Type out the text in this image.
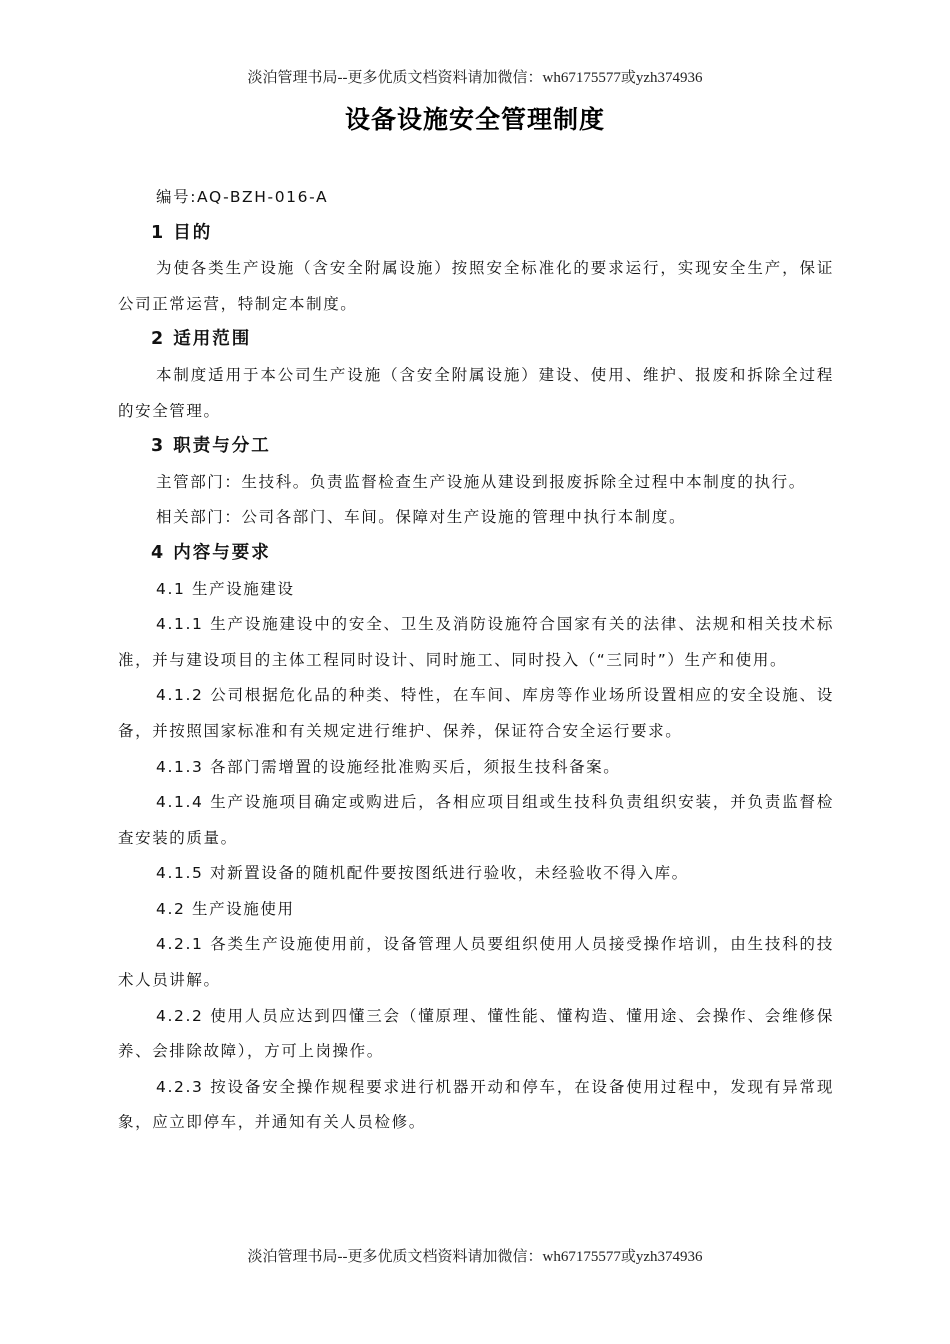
淡泊管理书局--更多优质文档资料请加微信：wh67175577或yzh374936

设备设施安全管理制度

编号:AQ-BZH-016-A

1 目的

为使各类生产设施（含安全附属设施）按照安全标准化的要求运行，实现安全生产，保证公司正常运营，特制定本制度。

2 适用范围

本制度适用于本公司生产设施（含安全附属设施）建设、使用、维护、报废和拆除全过程的安全管理。

3 职责与分工

主管部门：生技科。负责监督检查生产设施从建设到报废拆除全过程中本制度的执行。

相关部门：公司各部门、车间。保障对生产设施的管理中执行本制度。

4 内容与要求

4.1 生产设施建设

4.1.1 生产设施建设中的安全、卫生及消防设施符合国家有关的法律、法规和相关技术标准，并与建设项目的主体工程同时设计、同时施工、同时投入（“三同时”）生产和使用。

4.1.2 公司根据危化品的种类、特性，在车间、库房等作业场所设置相应的安全设施、设备，并按照国家标准和有关规定进行维护、保养，保证符合安全运行要求。

4.1.3 各部门需增置的设施经批准购买后，须报生技科备案。

4.1.4 生产设施项目确定或购进后，各相应项目组或生技科负责组织安装，并负责监督检查安装的质量。

4.1.5 对新置设备的随机配件要按图纸进行验收，未经验收不得入库。

4.2 生产设施使用

4.2.1 各类生产设施使用前，设备管理人员要组织使用人员接受操作培训，由生技科的技术人员讲解。

4.2.2 使用人员应达到四懂三会（懂原理、懂性能、懂构造、懂用途、会操作、会维修保养、会排除故障），方可上岗操作。

4.2.3 按设备安全操作规程要求进行机器开动和停车，在设备使用过程中，发现有异常现象，应立即停车，并通知有关人员检修。

淡泊管理书局--更多优质文档资料请加微信：wh67175577或yzh374936
